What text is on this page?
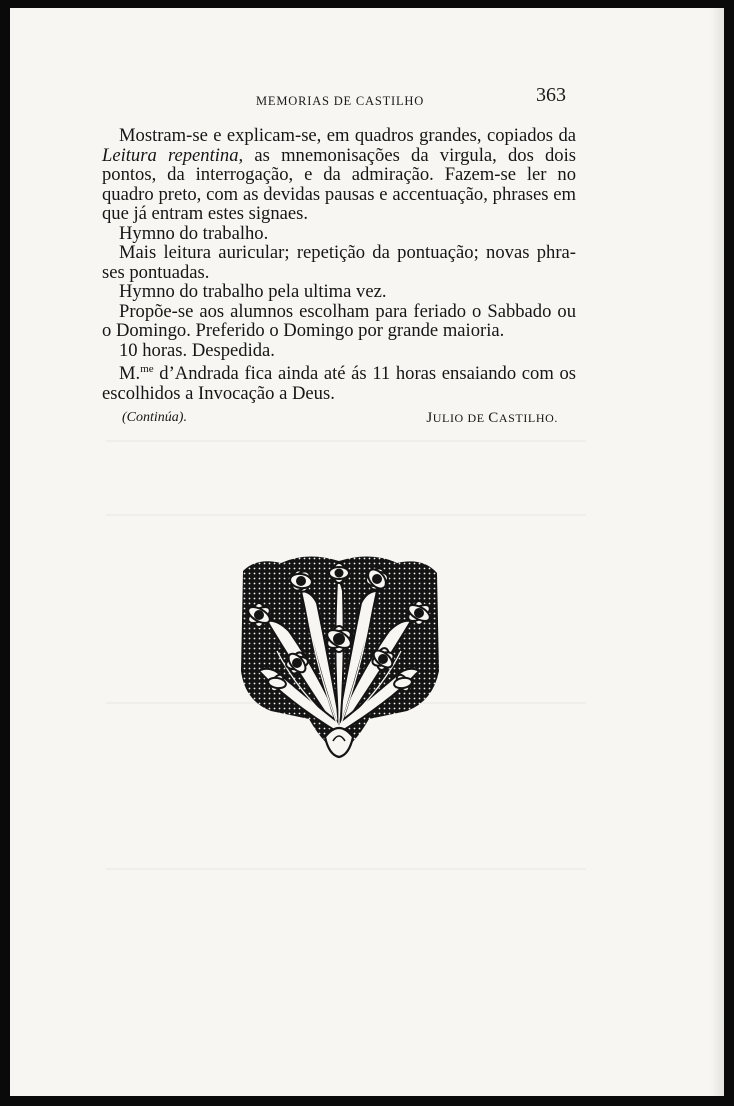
MEMORIAS DE CASTILHO	363

Mostram-se e explicam-se, em quadros grandes, copiados da Leitura repentina, as mnemonisações da virgula, dos dois pontos, da interrogação, e da admiração. Fazem-se ler no quadro preto, com as devidas pausas e accentuação, phrases em que já entram estes signaes.

Hymno do trabalho.

Mais leitura auricular; repetição da pontuação; novas phra- ses pontuadas.

Hymno do trabalho pela ultima vez.

Propõe-se aos alumnos escolham para feriado o Sabbado ou o Domingo. Preferido o Domingo por grande maioria.

10 horas. Despedida.

M.$^{me}$ d’Andrada fica ainda até ás 11 horas ensaiando com os escolhidos a Invocação a Deus.

(Continúa).	JULIO DE CASTILHO.
